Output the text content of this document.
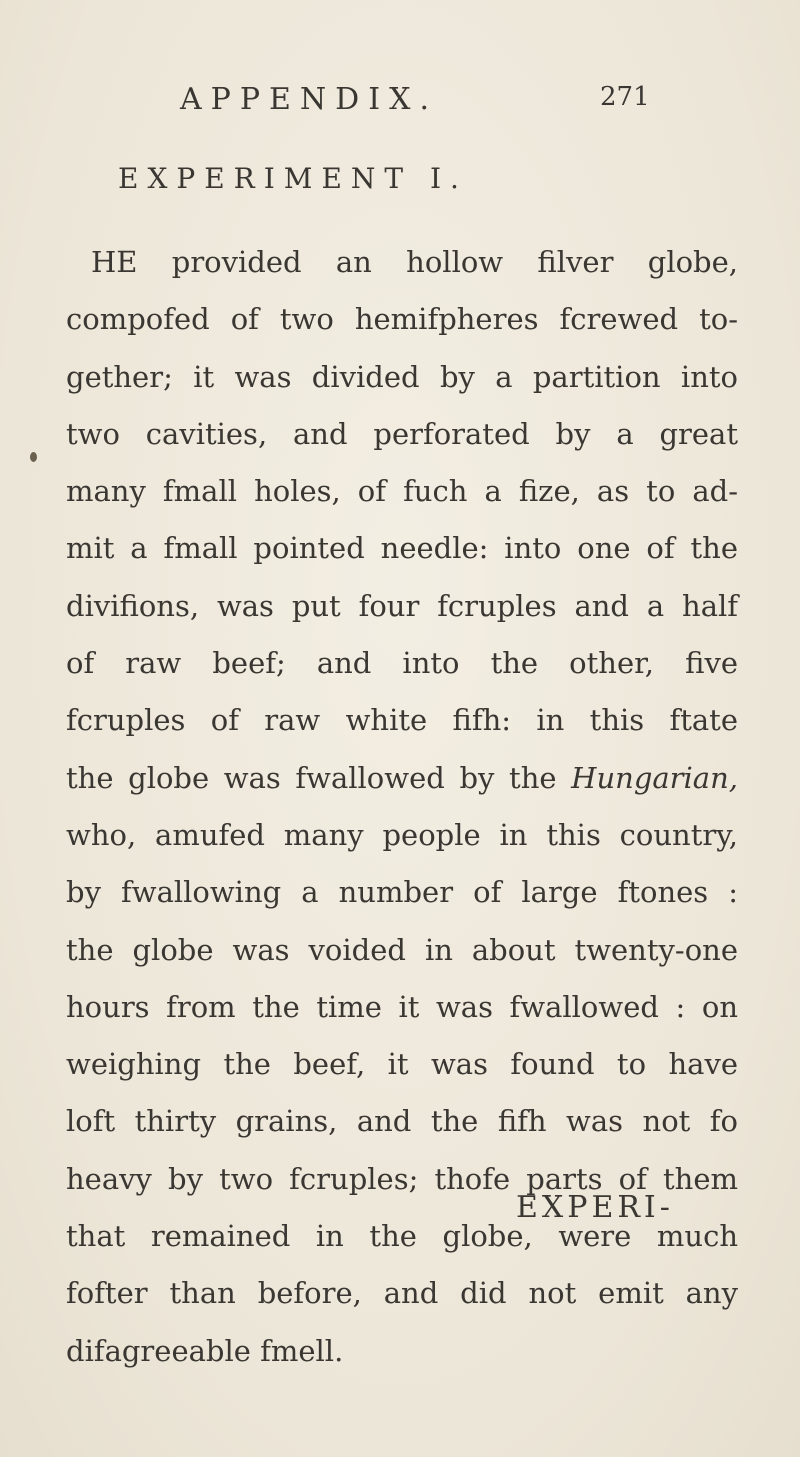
APPENDIX.	271
EXPERIMENT I.
HE provided an hollow filver globe,
compofed of two hemifpheres fcrewed to-
gether; it was divided by a partition into
two cavities, and perforated by a great
many fmall holes, of fuch a fize, as to ad-
mit a fmall pointed needle: into one of the
divifions, was put four fcruples and a half
of raw beef; and into the other, five
fcruples of raw white fifh: in this ftate
the globe was fwallowed by the Hungarian,
who, amufed many people in this country,
by fwallowing a number of large ftones :
the globe was voided in about twenty-one
hours from the time it was fwallowed : on
weighing the beef, it was found to have
loft thirty grains, and the fifh was not fo
heavy by two fcruples; thofe parts of them
that remained in the globe, were much
fofter than before, and did not emit any
difagreeable fmell.
EXPERI-
